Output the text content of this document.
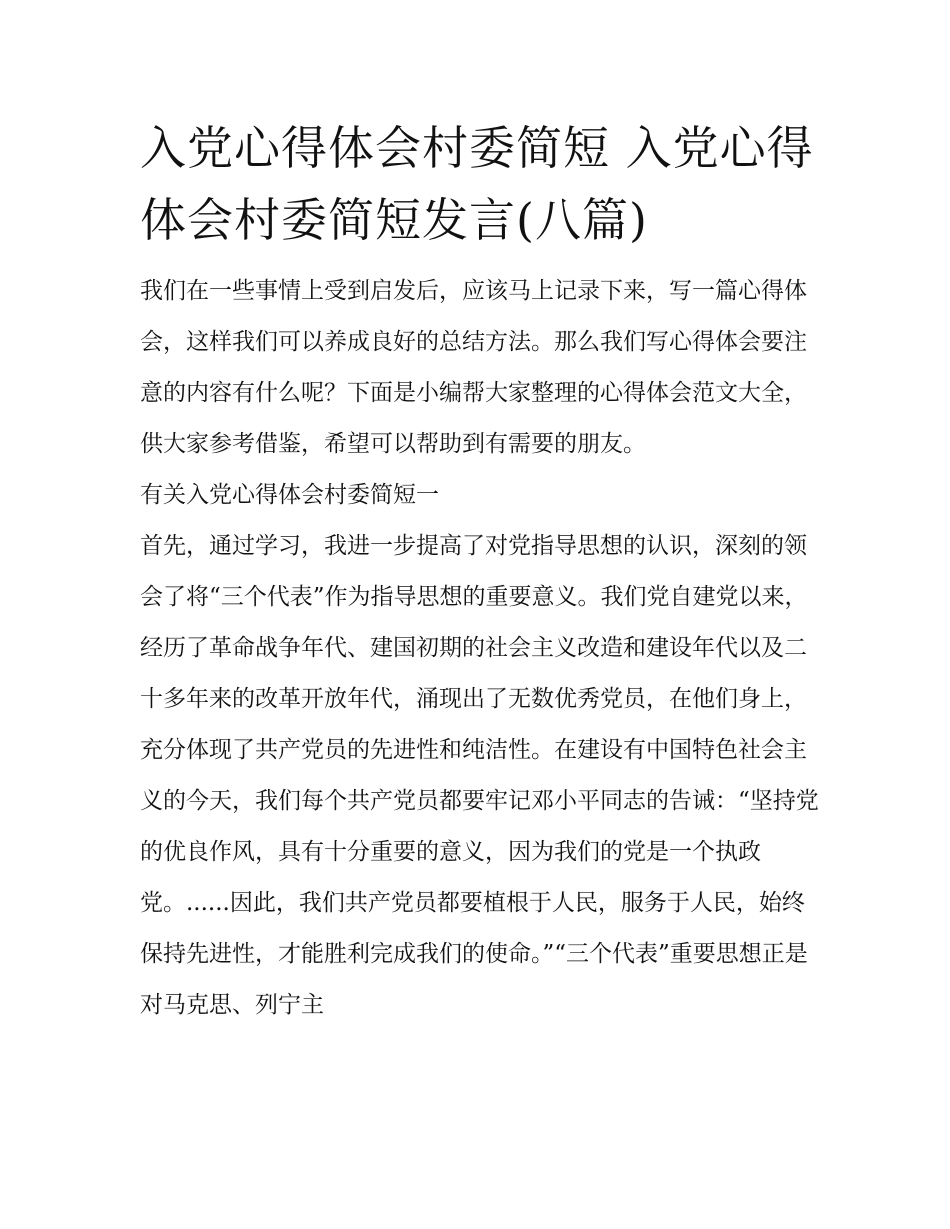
入党心得体会村委简短 入党心得体会村委简短发言(八篇)

我们在一些事情上受到启发后，应该马上记录下来，写一篇心得体会，这样我们可以养成良好的总结方法。那么我们写心得体会要注意的内容有什么呢？下面是小编帮大家整理的心得体会范文大全，供大家参考借鉴，希望可以帮助到有需要的朋友。

有关入党心得体会村委简短一

首先，通过学习，我进一步提高了对党指导思想的认识，深刻的领会了将“三个代表”作为指导思想的重要意义。我们党自建党以来，经历了革命战争年代、建国初期的社会主义改造和建设年代以及二十多年来的改革开放年代，涌现出了无数优秀党员，在他们身上，充分体现了共产党员的先进性和纯洁性。在建设有中国特色社会主义的今天，我们每个共产党员都要牢记邓小平同志的告诫：“坚持党的优良作风，具有十分重要的意义，因为我们的党是一个执政党。......因此，我们共产党员都要植根于人民，服务于人民，始终保持先进性，才能胜利完成我们的使命。”“三个代表”重要思想正是对马克思、列宁主
